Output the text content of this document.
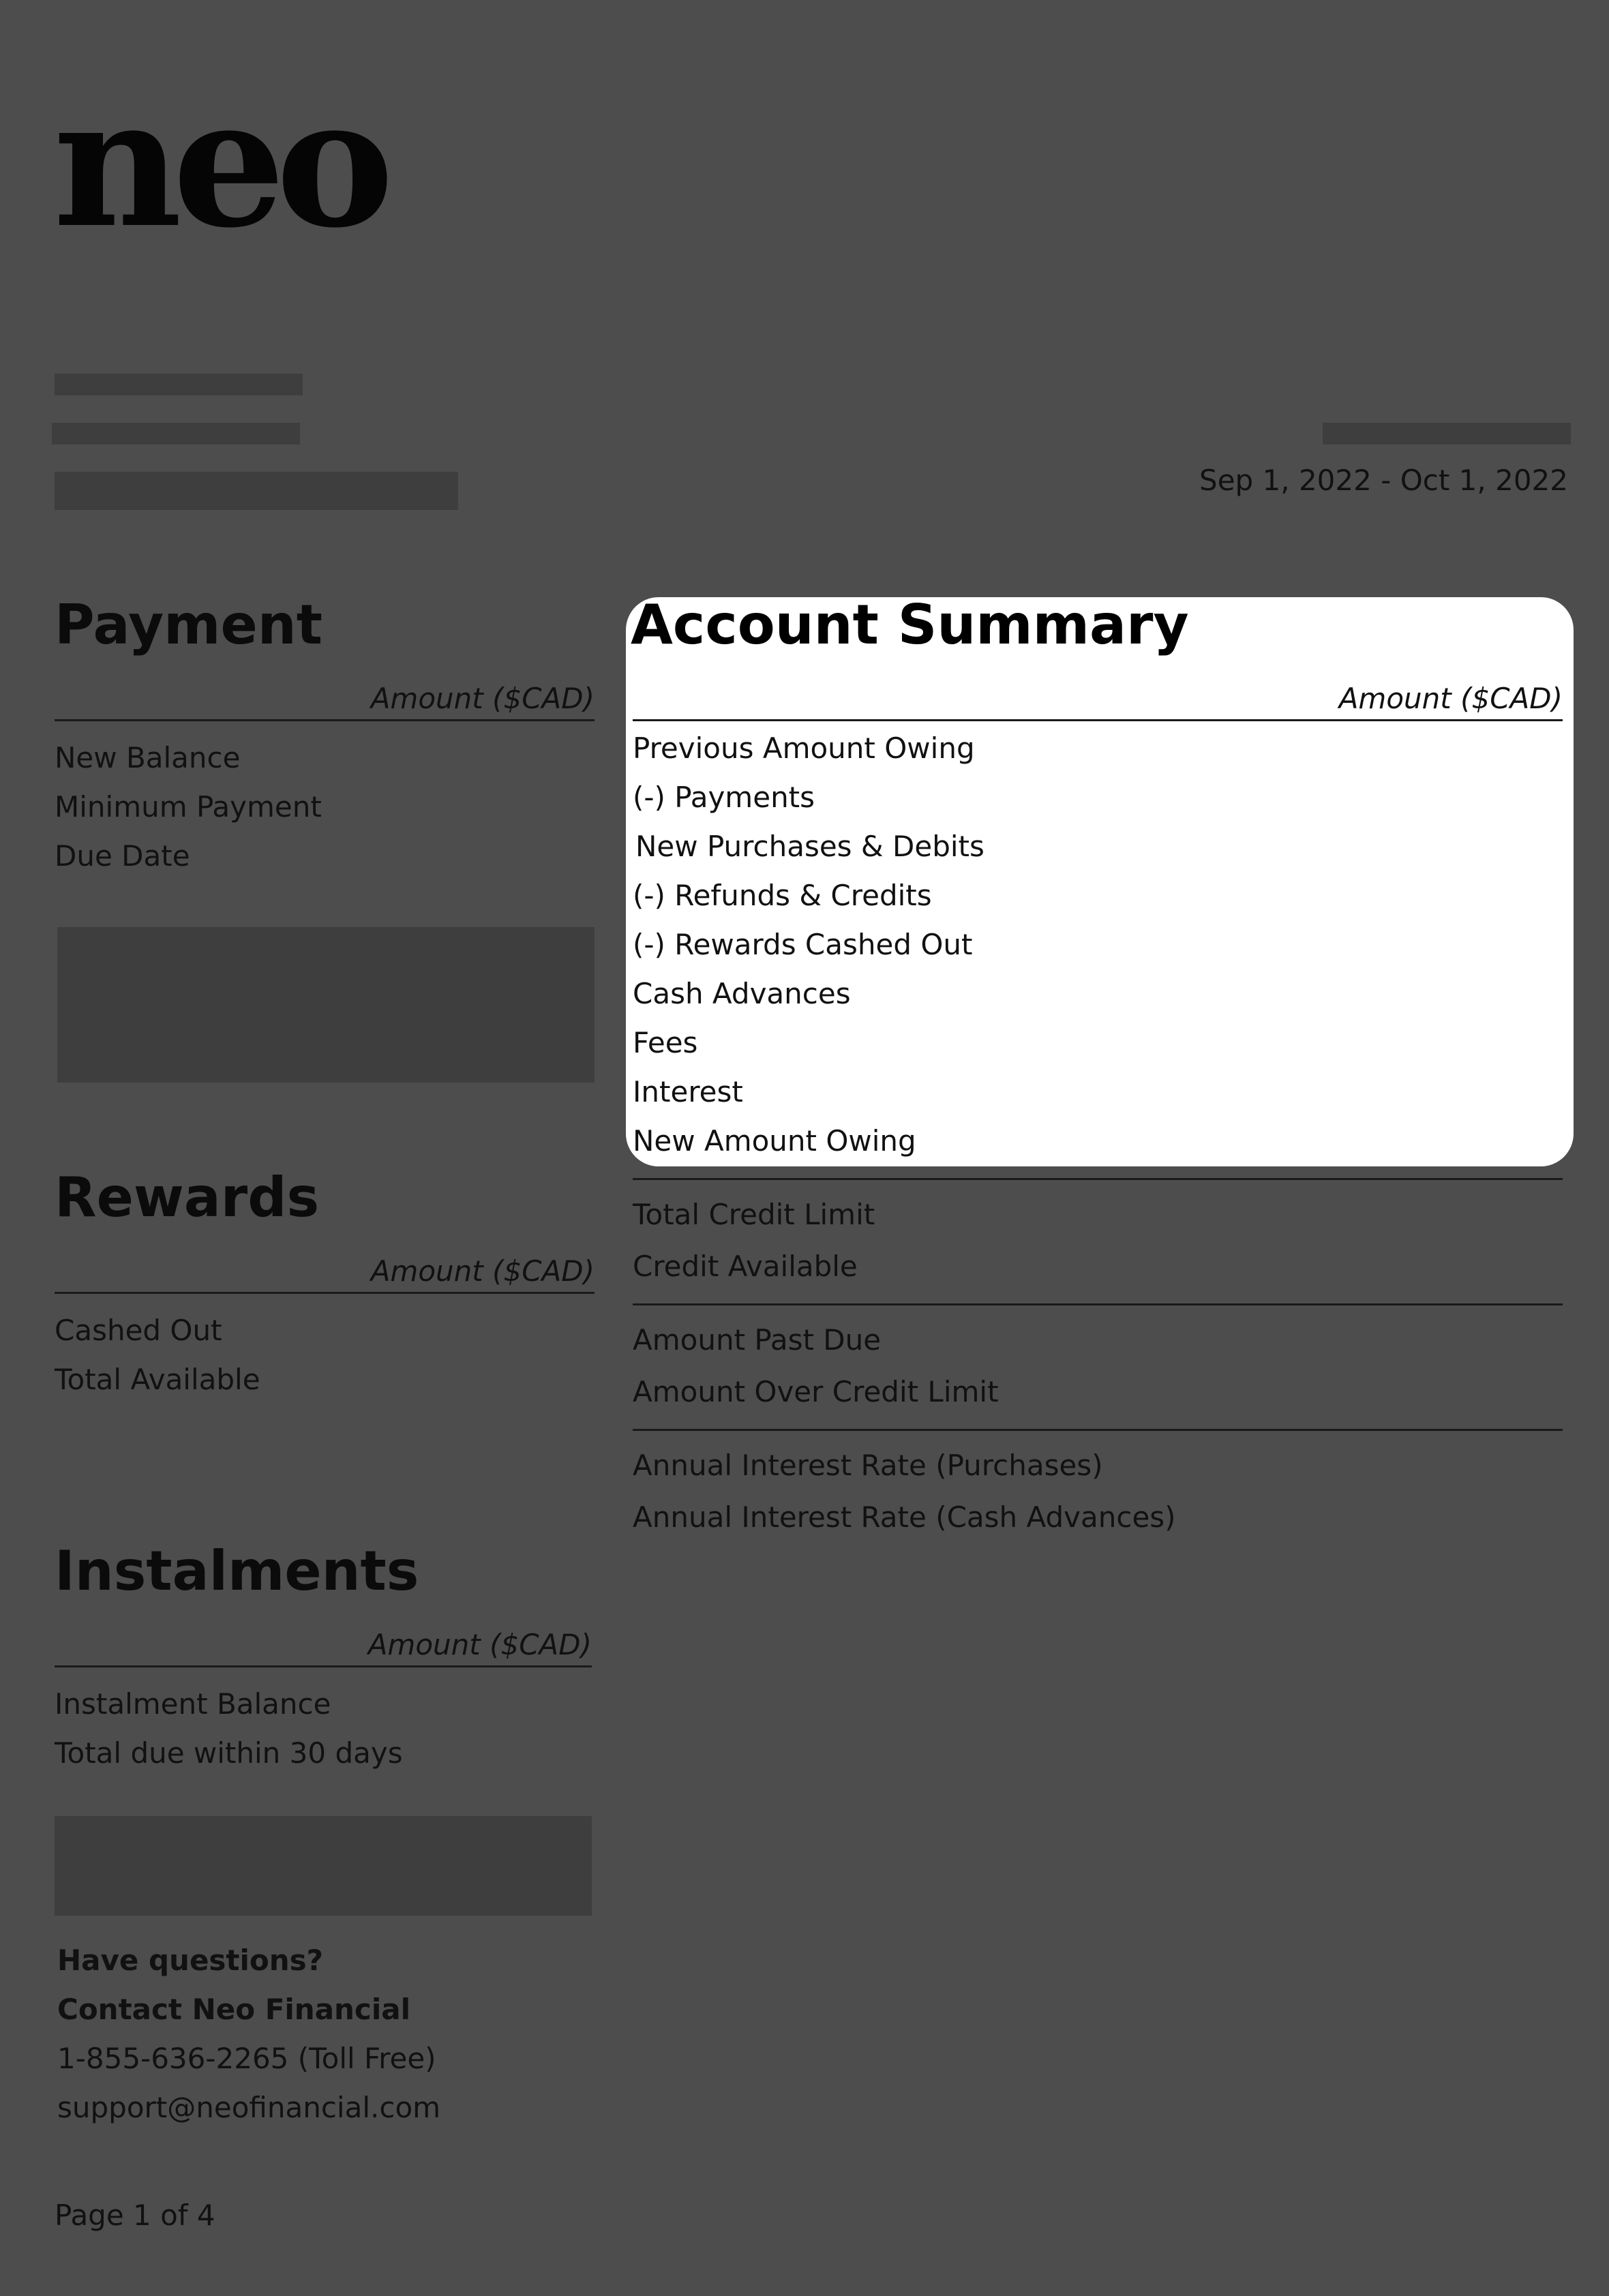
neo
Sep 1, 2022 - Oct 1, 2022
Payment
Amount ($CAD)
New Balance
Minimum Payment
Due Date
Account Summary
Amount ($CAD)
Previous Amount Owing
(-) Payments
New Purchases & Debits
(-) Refunds & Credits
(-) Rewards Cashed Out
Cash Advances
Fees
Interest
New Amount Owing
Total Credit Limit
Credit Available
Amount Past Due
Amount Over Credit Limit
Annual Interest Rate (Purchases)
Annual Interest Rate (Cash Advances)
Rewards
Amount ($CAD)
Cashed Out
Total Available
Instalments
Amount ($CAD)
Instalment Balance
Total due within 30 days
Have questions?
Contact Neo Financial
1-855-636-2265 (Toll Free)
support@neofinancial.com
Page 1 of 4
